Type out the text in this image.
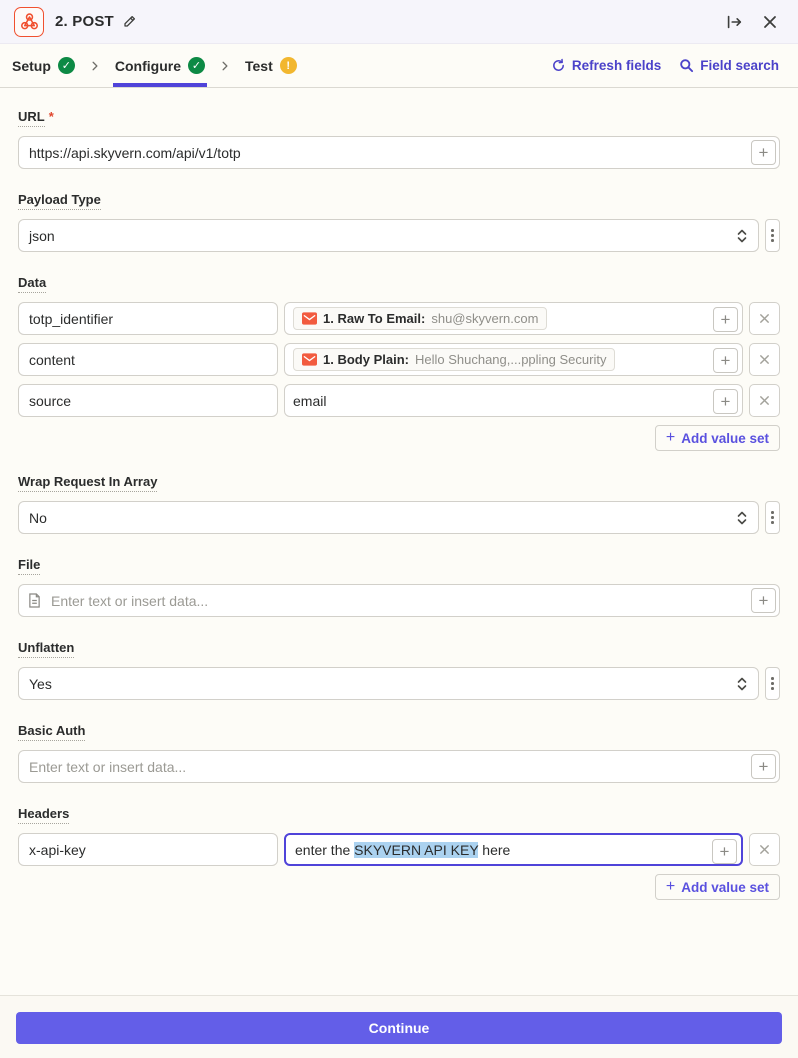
2. POST
Setup ✓	Configure ✓	Test	!	Refresh fields	Field search
URL *
https://api.skyvern.com/api/v1/totp
+
Payload Type
json
Data
totp_identifier
1. Raw To Email: shu@skyvern.com	+
content
1. Body Plain: Hello Shuchang,...ppling Security	+
source
email	+
+ Add value set
Wrap Request In Array
No
File
Enter text or insert data...
+
Unflatten
Yes
Basic Auth
Enter text or insert data...
+
Headers
x-api-key
enter the SKYVERN API KEY here	+
+ Add value set
Continue
